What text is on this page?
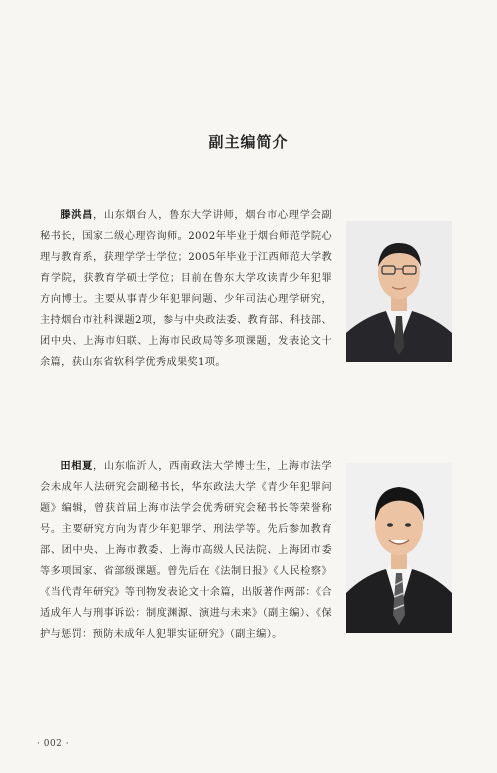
副主编简介

滕洪昌，山东烟台人，鲁东大学讲师，烟台市心理学会副秘书长，国家二级心理咨询师。2002年毕业于烟台师范学院心理与教育系，获理学学士学位；2005年毕业于江西师范大学教育学院，获教育学硕士学位；目前在鲁东大学攻读青少年犯罪方向博士。主要从事青少年犯罪问题、少年司法心理学研究，主持烟台市社科课题2项，参与中央政法委、教育部、科技部、团中央、上海市妇联、上海市民政局等多项课题，发表论文十余篇，获山东省软科学优秀成果奖1项。

田相夏，山东临沂人，西南政法大学博士生，上海市法学会未成年人法研究会副秘书长，华东政法大学《青少年犯罪问题》编辑，曾获首届上海市法学会优秀研究会秘书长等荣誉称号。主要研究方向为青少年犯罪学、刑法学等。先后参加教育部、团中央、上海市教委、上海市高级人民法院、上海团市委等多项国家、省部级课题。曾先后在《法制日报》《人民检察》《当代青年研究》等刊物发表论文十余篇，出版著作两部：《合适成年人与刑事诉讼：制度渊源、演进与未来》（副主编）、《保护与惩罚：预防未成年人犯罪实证研究》（副主编）。

· 002 ·
